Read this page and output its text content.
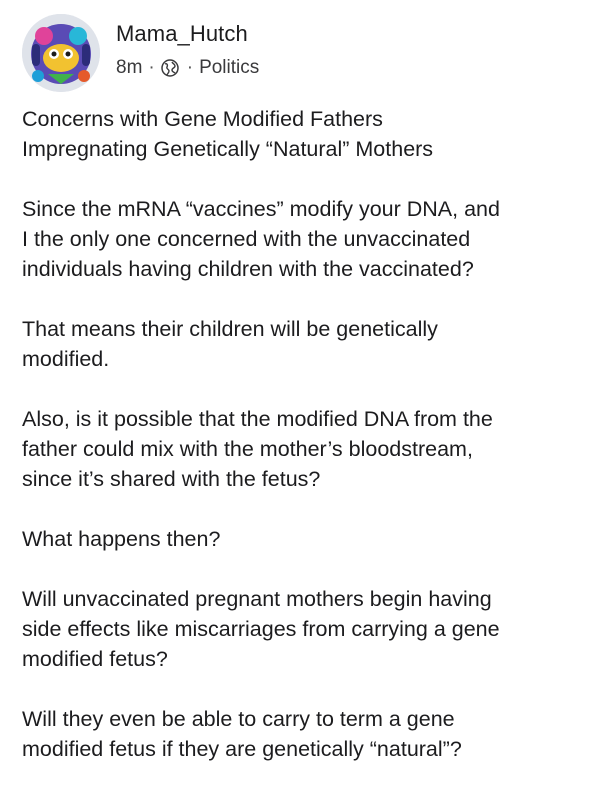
Mama_Hutch
8m · · Politics

Concerns with Gene Modified Fathers
Impregnating Genetically “Natural” Mothers

Since the mRNA “vaccines” modify your DNA, and
I the only one concerned with the unvaccinated
individuals having children with the vaccinated?

That means their children will be genetically
modified.

Also, is it possible that the modified DNA from the
father could mix with the mother’s bloodstream,
since it’s shared with the fetus?

What happens then?

Will unvaccinated pregnant mothers begin having
side effects like miscarriages from carrying a gene
modified fetus?

Will they even be able to carry to term a gene
modified fetus if they are genetically “natural”?
